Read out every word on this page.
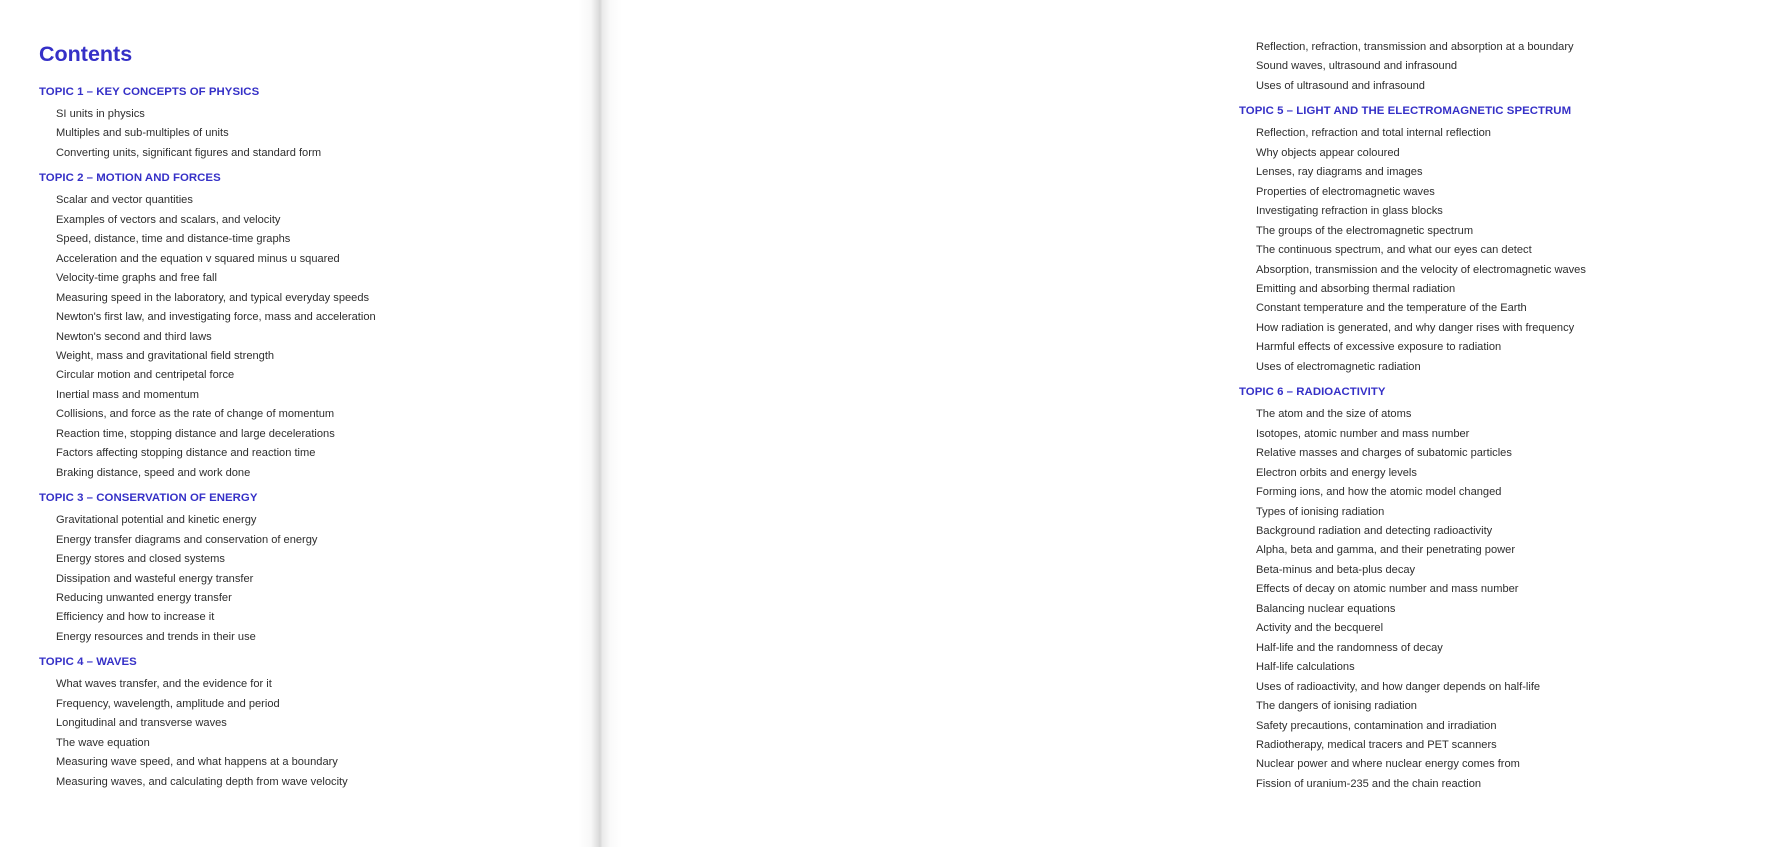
Contents
TOPIC 1 – KEY CONCEPTS OF PHYSICS
SI units in physics
Multiples and sub-multiples of units
Converting units, significant figures and standard form
TOPIC 2 – MOTION AND FORCES
Scalar and vector quantities
Examples of vectors and scalars, and velocity
Speed, distance, time and distance-time graphs
Acceleration and the equation v squared minus u squared
Velocity-time graphs and free fall
Measuring speed in the laboratory, and typical everyday speeds
Newton's first law, and investigating force, mass and acceleration
Newton's second and third laws
Weight, mass and gravitational field strength
Circular motion and centripetal force
Inertial mass and momentum
Collisions, and force as the rate of change of momentum
Reaction time, stopping distance and large decelerations
Factors affecting stopping distance and reaction time
Braking distance, speed and work done
TOPIC 3 – CONSERVATION OF ENERGY
Gravitational potential and kinetic energy
Energy transfer diagrams and conservation of energy
Energy stores and closed systems
Dissipation and wasteful energy transfer
Reducing unwanted energy transfer
Efficiency and how to increase it
Energy resources and trends in their use
TOPIC 4 – WAVES
What waves transfer, and the evidence for it
Frequency, wavelength, amplitude and period
Longitudinal and transverse waves
The wave equation
Measuring wave speed, and what happens at a boundary
Measuring waves, and calculating depth from wave velocity
Reflection, refraction, transmission and absorption at a boundary
Sound waves, ultrasound and infrasound
Uses of ultrasound and infrasound
TOPIC 5 – LIGHT AND THE ELECTROMAGNETIC SPECTRUM
Reflection, refraction and total internal reflection
Why objects appear coloured
Lenses, ray diagrams and images
Properties of electromagnetic waves
Investigating refraction in glass blocks
The groups of the electromagnetic spectrum
The continuous spectrum, and what our eyes can detect
Absorption, transmission and the velocity of electromagnetic waves
Emitting and absorbing thermal radiation
Constant temperature and the temperature of the Earth
How radiation is generated, and why danger rises with frequency
Harmful effects of excessive exposure to radiation
Uses of electromagnetic radiation
TOPIC 6 – RADIOACTIVITY
The atom and the size of atoms
Isotopes, atomic number and mass number
Relative masses and charges of subatomic particles
Electron orbits and energy levels
Forming ions, and how the atomic model changed
Types of ionising radiation
Background radiation and detecting radioactivity
Alpha, beta and gamma, and their penetrating power
Beta-minus and beta-plus decay
Effects of decay on atomic number and mass number
Balancing nuclear equations
Activity and the becquerel
Half-life and the randomness of decay
Half-life calculations
Uses of radioactivity, and how danger depends on half-life
The dangers of ionising radiation
Safety precautions, contamination and irradiation
Radiotherapy, medical tracers and PET scanners
Nuclear power and where nuclear energy comes from
Fission of uranium-235 and the chain reaction
